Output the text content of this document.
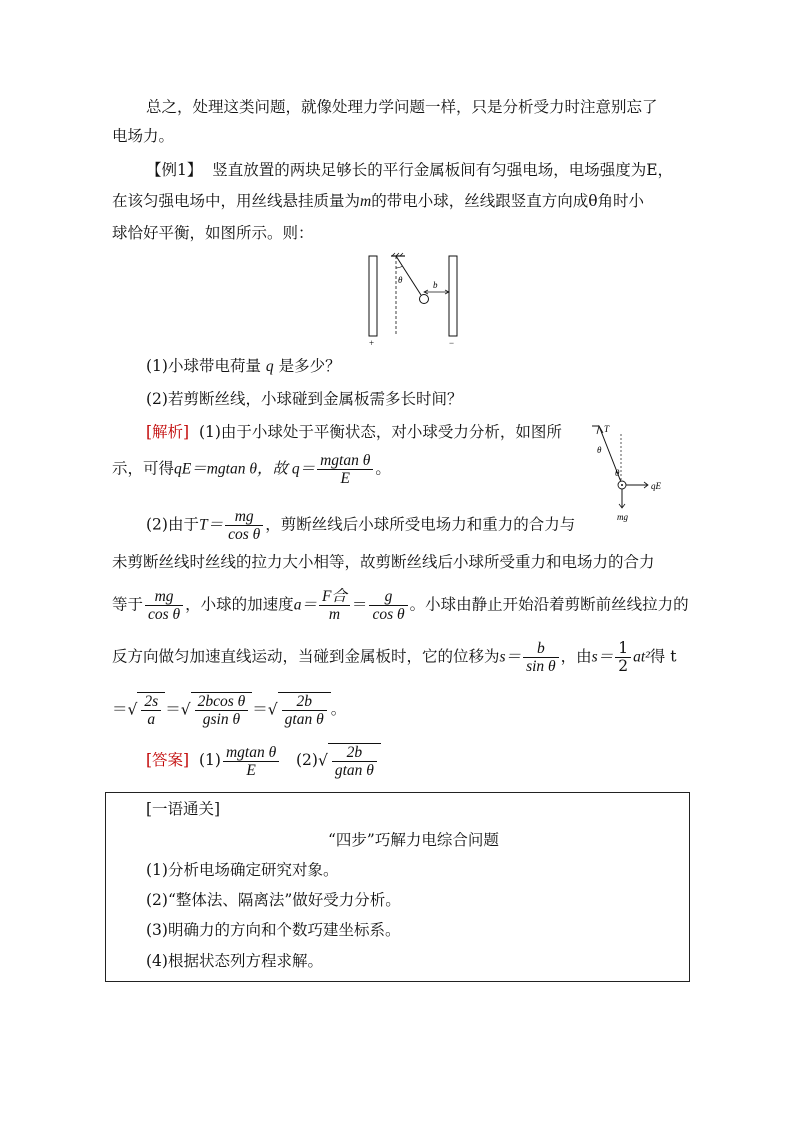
总之，处理这类问题，就像处理力学问题一样，只是分析受力时注意别忘了
电场力。
【例1】 竖直放置的两块足够长的平行金属板间有匀强电场，电场强度为E，
在该匀强电场中，用丝线悬挂质量为m的带电小球，丝线跟竖直方向成θ角时小
球恰好平衡，如图所示。则：
θ	b
+	−
(1)小球带电荷量 q 是多少？
(2)若剪断丝线，小球碰到金属板需多长时间？
[解析] (1)由于小球处于平衡状态，对小球受力分析，如图所
示，可得qE＝mgtan θ，故 $q= \frac{\text{mgtan θ}}{E}$ 。
(2)由于$T= \frac{mg}{\text{cos θ}}$ ，剪断丝线后小球所受电场力和重力的合力与
未剪断丝线时丝线的拉力大小相等，故剪断丝线后小球所受重力和电场力的合力
等于 $\frac{mg}{\text{cos θ}}$ ，小球的加速度$a= \frac{\text{F合}}{m} = \frac{g}{\text{cos θ}}$ 。小球由静止开始沿着剪断前丝线拉力的
反方向做匀加速直线运动，当碰到金属板时，它的位移为$s= \frac{b}{\text{sin θ}}$ ，由$s= \frac{1}{2} at^2$得 t
＝√ $\frac{2s}{a}$ ＝√ $\frac{\text{2bcos θ}}{\text{gsin θ}}$ ＝√ $\frac{2b}{\text{gtan θ}}$ 。
T
θ
θ
qE
mg
[答案] $(1) \frac{\text{mgtan θ}}{E} (2)√ \frac{2b}{\text{gtan θ}}$
[一语通关]
“四步”巧解力电综合问题
(1)分析电场确定研究对象。
(2)“整体法、隔离法”做好受力分析。
(3)明确力的方向和个数巧建坐标系。
(4)根据状态列方程求解。
